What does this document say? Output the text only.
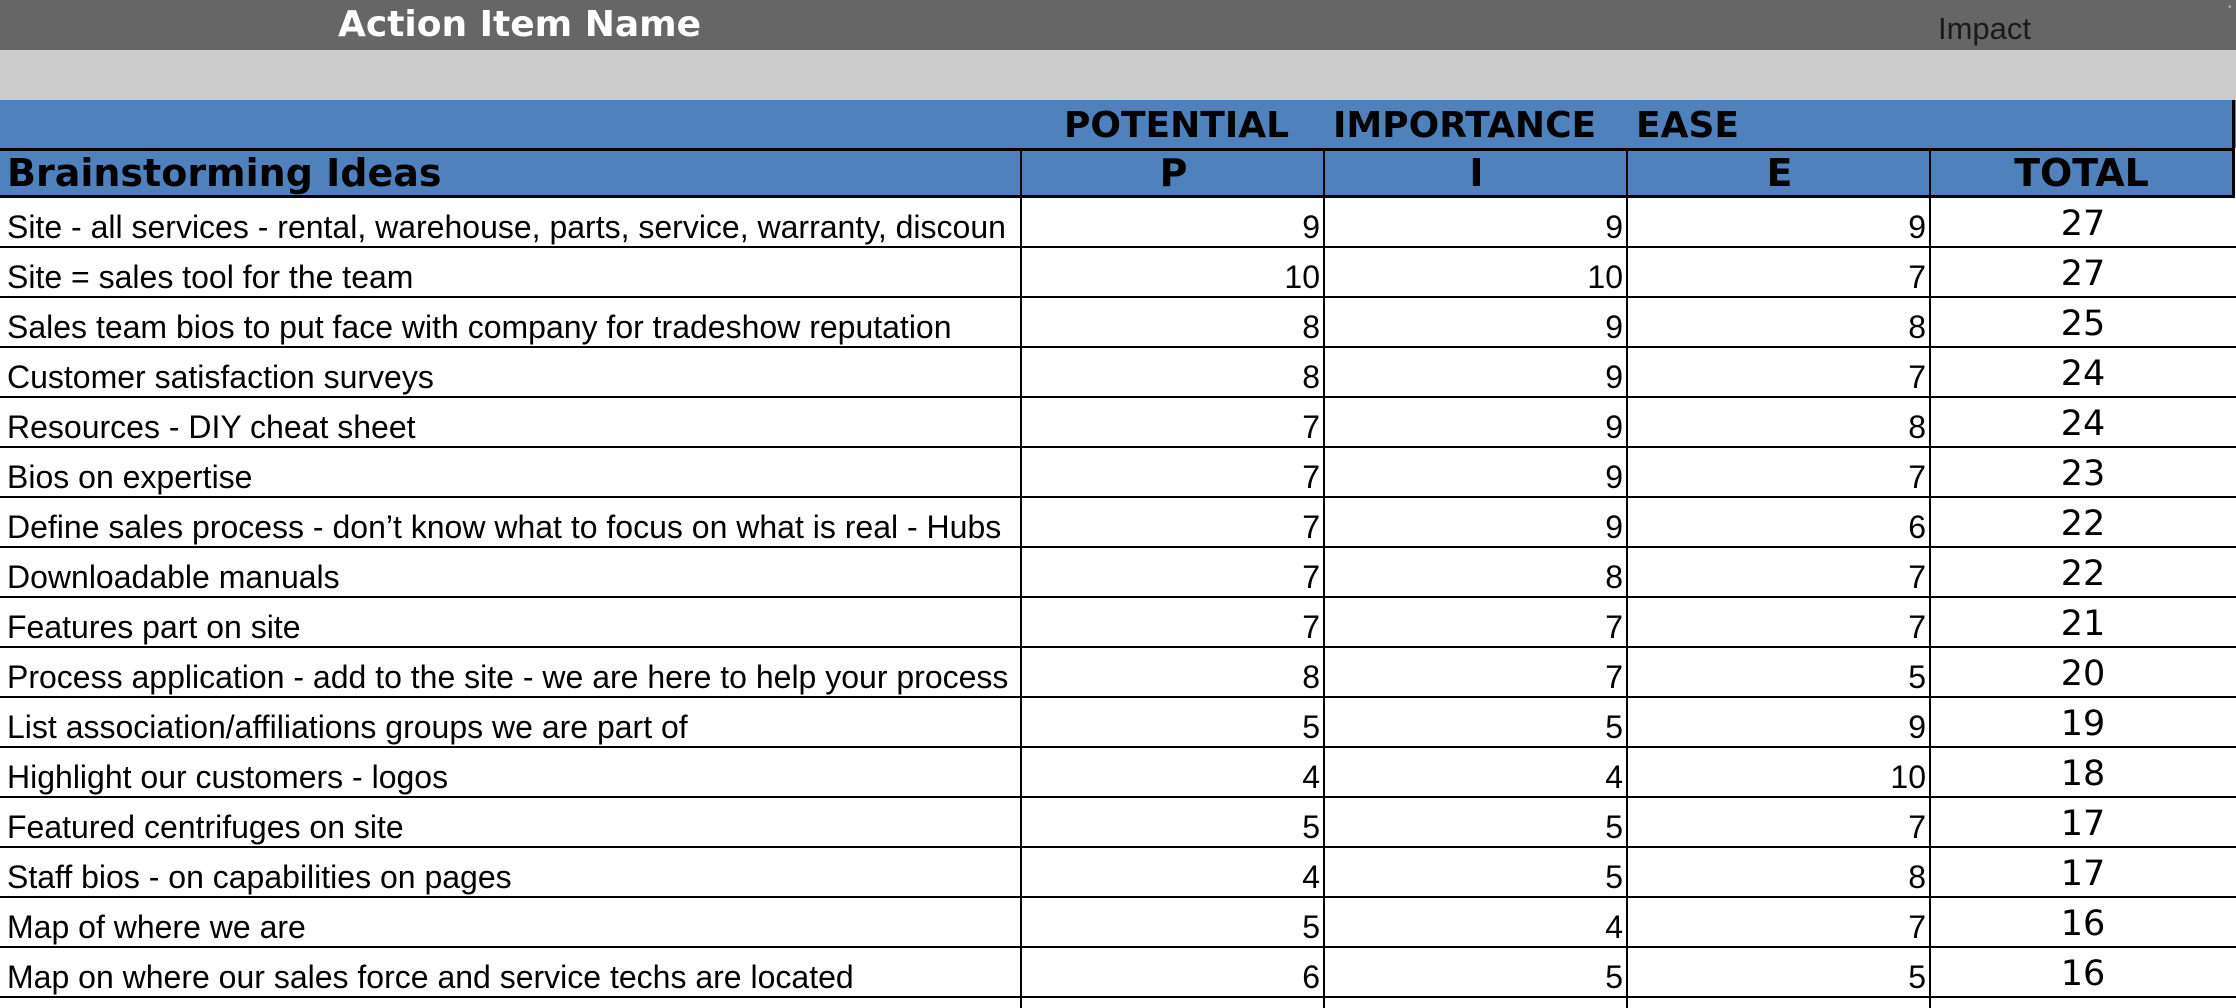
Action Item Name	Impact
POTENTIAL IMPORTANCE EASE
Brainstorming Ideas	P	I	E	TOTAL
Site - all services - rental, warehouse, parts, service, warranty, discoun	9	9	9	27
Site = sales tool for the team	10	10	7	27
Sales team bios to put face with company for tradeshow reputation	8	9	8	25
Customer satisfaction surveys	8	9	7	24
Resources - DIY cheat sheet	7	9	8	24
Bios on expertise	7	9	7	23
Define sales process - don’t know what to focus on what is real - Hubs	7	9	6	22
Downloadable manuals	7	8	7	22
Features part on site	7	7	7	21
Process application - add to the site - we are here to help your process	8	7	5	20
List association/affiliations groups we are part of	5	5	9	19
Highlight our customers - logos	4	4	10	18
Featured centrifuges on site	5	5	7	17
Staff bios - on capabilities on pages	4	5	8	17
Map of where we are	5	4	7	16
Map on where our sales force and service techs are located	6	5	5	16
•
